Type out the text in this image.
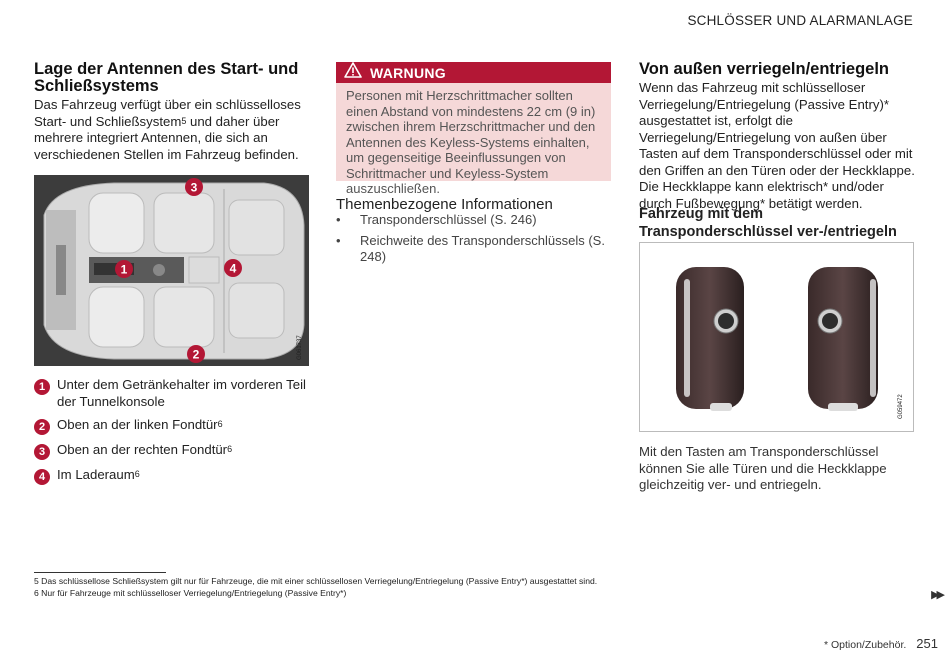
SCHLÖSSER UND ALARMANLAGE
Lage der Antennen des Start- und Schließsystems
Das Fahrzeug verfügt über ein schlüsselloses Start- und Schließsystem$^5$ und daher über mehrere integriert Antennen, die sich an verschiedenen Stellen im Fahrzeug befinden.
1
2
3
4
G061737
1 Unter dem Getränkehalter im vorderen Teil der Tunnelkonsole
2 Oben an der linken Fondtür$^6$
3 Oben an der rechten Fondtür$^6$
4 Im Laderaum$^6$
WARNUNG
Personen mit Herzschrittmacher sollten einen Abstand von mindestens 22 cm (9 in) zwischen ihrem Herzschrittmacher und den Antennen des Keyless-Systems einhalten, um gegenseitige Beeinflussungen von Schrittmacher und Keyless-System auszuschließen.
Themenbezogene Informationen
•	Transponderschlüssel (S. 246)
•	Reichweite des Transponderschlüssels (S. 248)
Von außen verriegeln/entriegeln
Wenn das Fahrzeug mit schlüsselloser Verriegelung/Entriegelung (Passive Entry)* ausgestattet ist, erfolgt die Verriegelung/Entriegelung von außen über Tasten auf dem Transponderschlüssel oder mit den Griffen an den Türen oder der Heckklappe. Die Heckklappe kann elektrisch* und/oder durch Fußbewegung* betätigt werden.
Fahrzeug mit dem Transponderschlüssel ver-/entriegeln
G059472
Mit den Tasten am Transponderschlüssel können Sie alle Türen und die Heckklappe gleichzeitig ver- und entriegeln.
5 Das schlüssellose Schließsystem gilt nur für Fahrzeuge, die mit einer schlüssellosen Verriegelung/Entriegelung (Passive Entry*) ausgestattet sind.
6 Nur für Fahrzeuge mit schlüsselloser Verriegelung/Entriegelung (Passive Entry*)	▶▶
* Option/Zubehör. 251
